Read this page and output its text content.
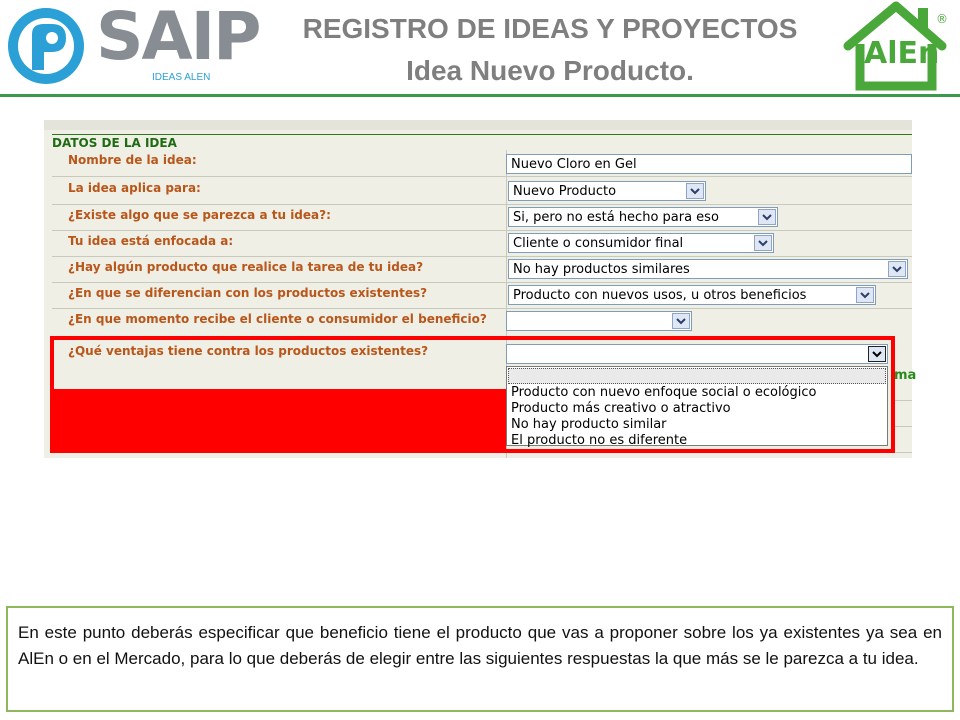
SAIP
IDEAS ALEN
REGISTRO DE IDEAS Y PROYECTOS
Idea Nuevo Producto.	AlEn
®
DATOS DE LA IDEA
Nombre de la idea:	Nuevo Cloro en Gel
La idea aplica para:	Nuevo Producto
¿Existe algo que se parezca a tu idea?:	Si, pero no está hecho para eso
Tu idea está enfocada a:	Cliente o consumidor final
¿Hay algún producto que realice la tarea de tu idea?	No hay productos similares
¿En que se diferencian con los productos existentes?	Producto con nuevos usos, u otros beneficios
¿En que momento recibe el cliente o consumidor el beneficio?
¿Qué ventajas tiene contra los productos existentes?
ma
Producto con nuevo enfoque social o ecológico
Producto más creativo o atractivo
No hay producto similar
El producto no es diferente
En este punto deberás especificar que beneficio tiene el producto que vas a proponer sobre los ya existentes ya sea en AlEn o en el Mercado, para lo que deberás de elegir entre las siguientes respuestas la que más se le parezca a tu idea.
